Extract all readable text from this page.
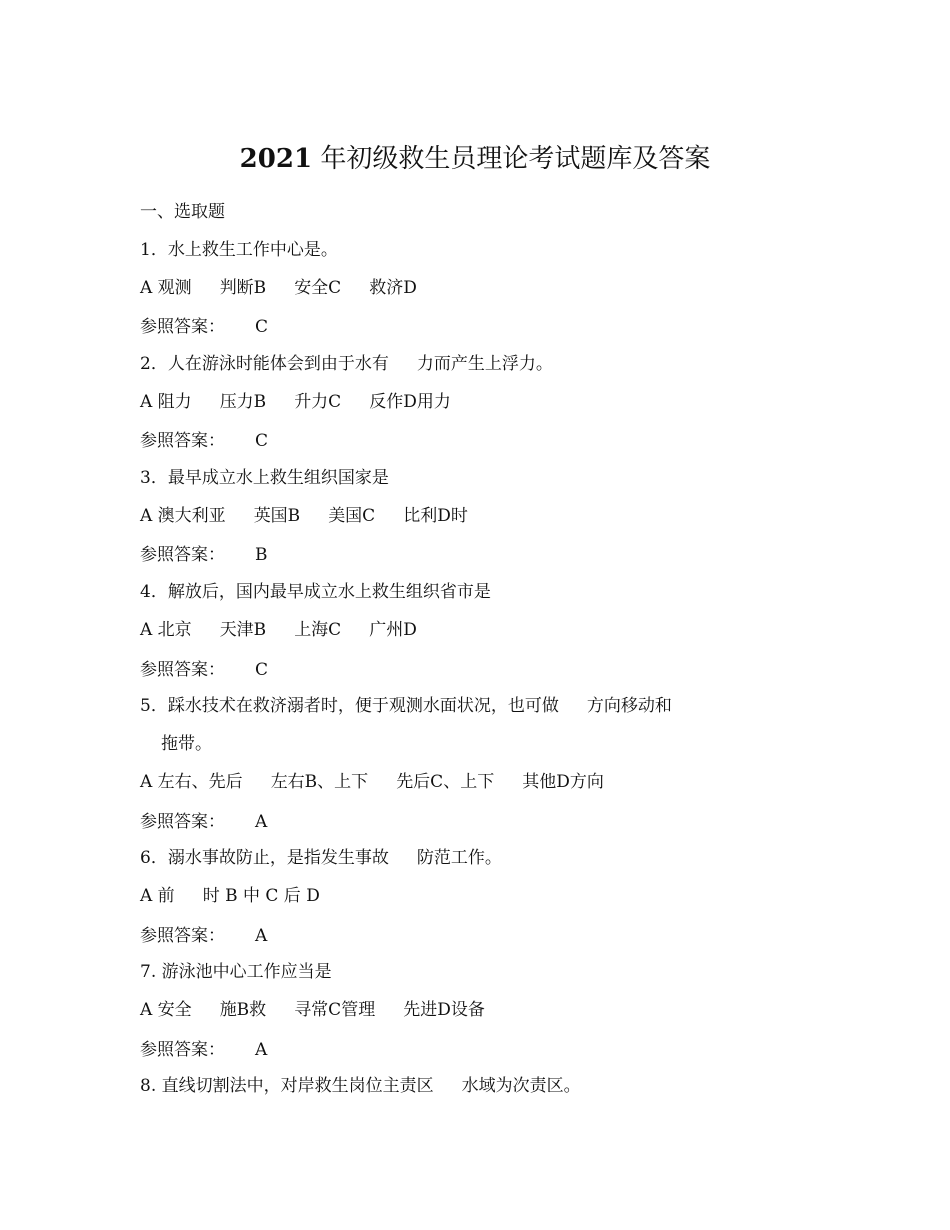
2021 年初级救生员理论考试题库及答案
一、选取题
1．水上救生工作中心是。
A 观测 判断B 安全C 救济D
参照答案： C
2．人在游泳时能体会到由于水有 力而产生上浮力。
A 阻力 压力B 升力C 反作D用力
参照答案： C
3．最早成立水上救生组织国家是
A 澳大利亚 英国B 美国C 比利D时
参照答案： B
4．解放后，国内最早成立水上救生组织省市是
A 北京 天津B 上海C 广州D
参照答案： C
5．踩水技术在救济溺者时，便于观测水面状况，也可做 方向移动和
拖带。
A 左右、先后 左右B、上下 先后C、上下 其他D方向
参照答案： A
6．溺水事故防止，是指发生事故 防范工作。
A 前 时 B 中 C 后 D
参照答案： A
7. 游泳池中心工作应当是
A 安全 施B救 寻常C管理 先进D设备
参照答案： A
8. 直线切割法中，对岸救生岗位主责区 水域为次责区。
